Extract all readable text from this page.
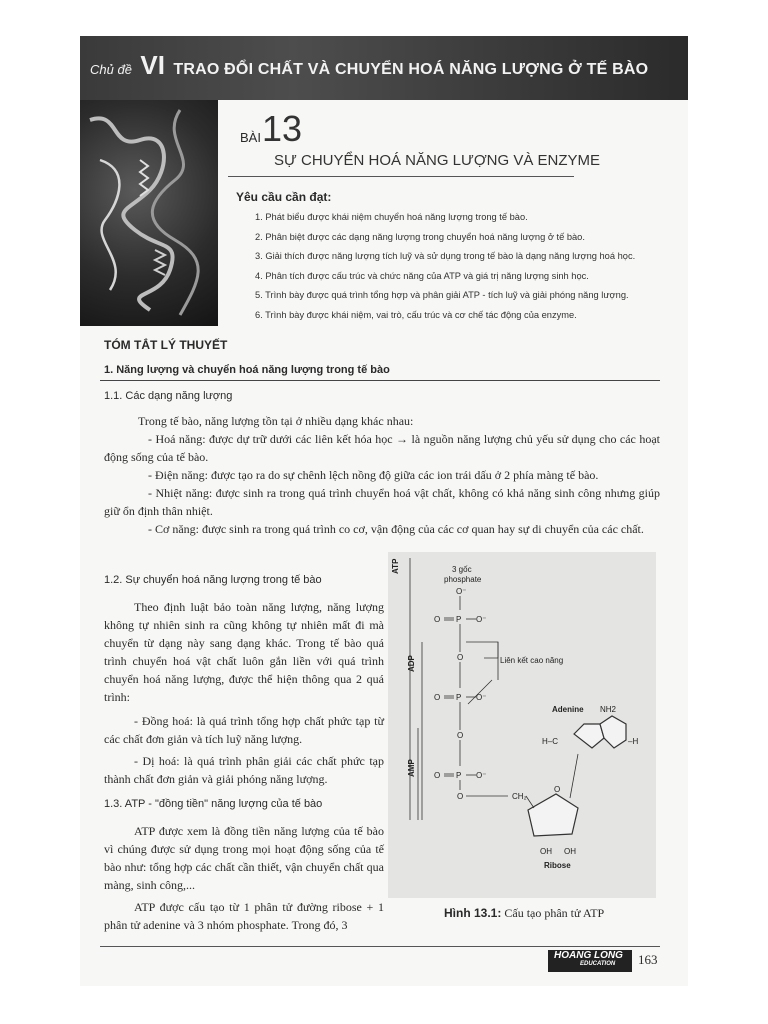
Chủ đề VI TRAO ĐỔI CHẤT VÀ CHUYỂN HOÁ NĂNG LƯỢNG Ở TẾ BÀO
BÀI 13
SỰ CHUYỂN HOÁ NĂNG LƯỢNG VÀ ENZYME
Yêu cầu cần đạt:
1. Phát biểu được khái niệm chuyển hoá năng lượng trong tế bào.
2. Phân biệt được các dạng năng lượng trong chuyển hoá năng lượng ở tế bào.
3. Giải thích được năng lượng tích luỹ và sử dụng trong tế bào là dạng năng lượng hoá học.
4. Phân tích được cấu trúc và chức năng của ATP và giá trị năng lượng sinh học.
5. Trình bày được quá trình tổng hợp và phân giải ATP - tích luỹ và giải phóng năng lượng.
6. Trình bày được khái niệm, vai trò, cấu trúc và cơ chế tác động của enzyme.
TÓM TẮT LÝ THUYẾT
1. Năng lượng và chuyển hoá năng lượng trong tế bào
1.1. Các dạng năng lượng

Trong tế bào, năng lượng tồn tại ở nhiều dạng khác nhau:

- Hoá năng: được dự trữ dưới các liên kết hóa học → là nguồn năng lượng chủ yếu sử dụng cho các hoạt động sống của tế bào.

- Điện năng: được tạo ra do sự chênh lệch nồng độ giữa các ion trái dấu ở 2 phía màng tế bào.

- Nhiệt năng: được sinh ra trong quá trình chuyển hoá vật chất, không có khả năng sinh công nhưng giúp giữ ổn định thân nhiệt.

- Cơ năng: được sinh ra trong quá trình co cơ, vận động của các cơ quan hay sự di chuyển của các chất.

1.2. Sự chuyển hoá năng lượng trong tế bào

Theo định luật bảo toàn năng lượng, năng lượng không tự nhiên sinh ra cũng không tự nhiên mất đi mà chuyển từ dạng này sang dạng khác. Trong tế bào quá trình chuyển hoá vật chất luôn gắn liền với quá trình chuyển hoá năng lượng, được thể hiện thông qua 2 quá trình:

- Đồng hoá: là quá trình tổng hợp chất phức tạp từ các chất đơn giản và tích luỹ năng lượng.

- Dị hoá: là quá trình phân giải các chất phức tạp thành chất đơn giản và giải phóng năng lượng.

1.3. ATP - "đồng tiền" năng lượng của tế bào

ATP được xem là đồng tiền năng lượng của tế bào vì chúng được sử dụng trong mọi hoạt động sống của tế bào như: tổng hợp các chất cần thiết, vận chuyển chất qua màng, sinh công,...

ATP được cấu tạo từ 1 phân tử đường ribose + 1 phân tử adenine và 3 nhóm phosphate. Trong đó, 3

ATP
ADP
AMP
3 gốc
phosphate
O⁻
O P O⁻
O
O P O⁻
O
O P O⁻
O	CH₂
Liên kết cao năng
O
OH OH
Ribose
Adenine NH2
H–C	–H
Hình 13.1: Cấu tạo phân tử ATP
HOANG LONG
EDUCATION 163
